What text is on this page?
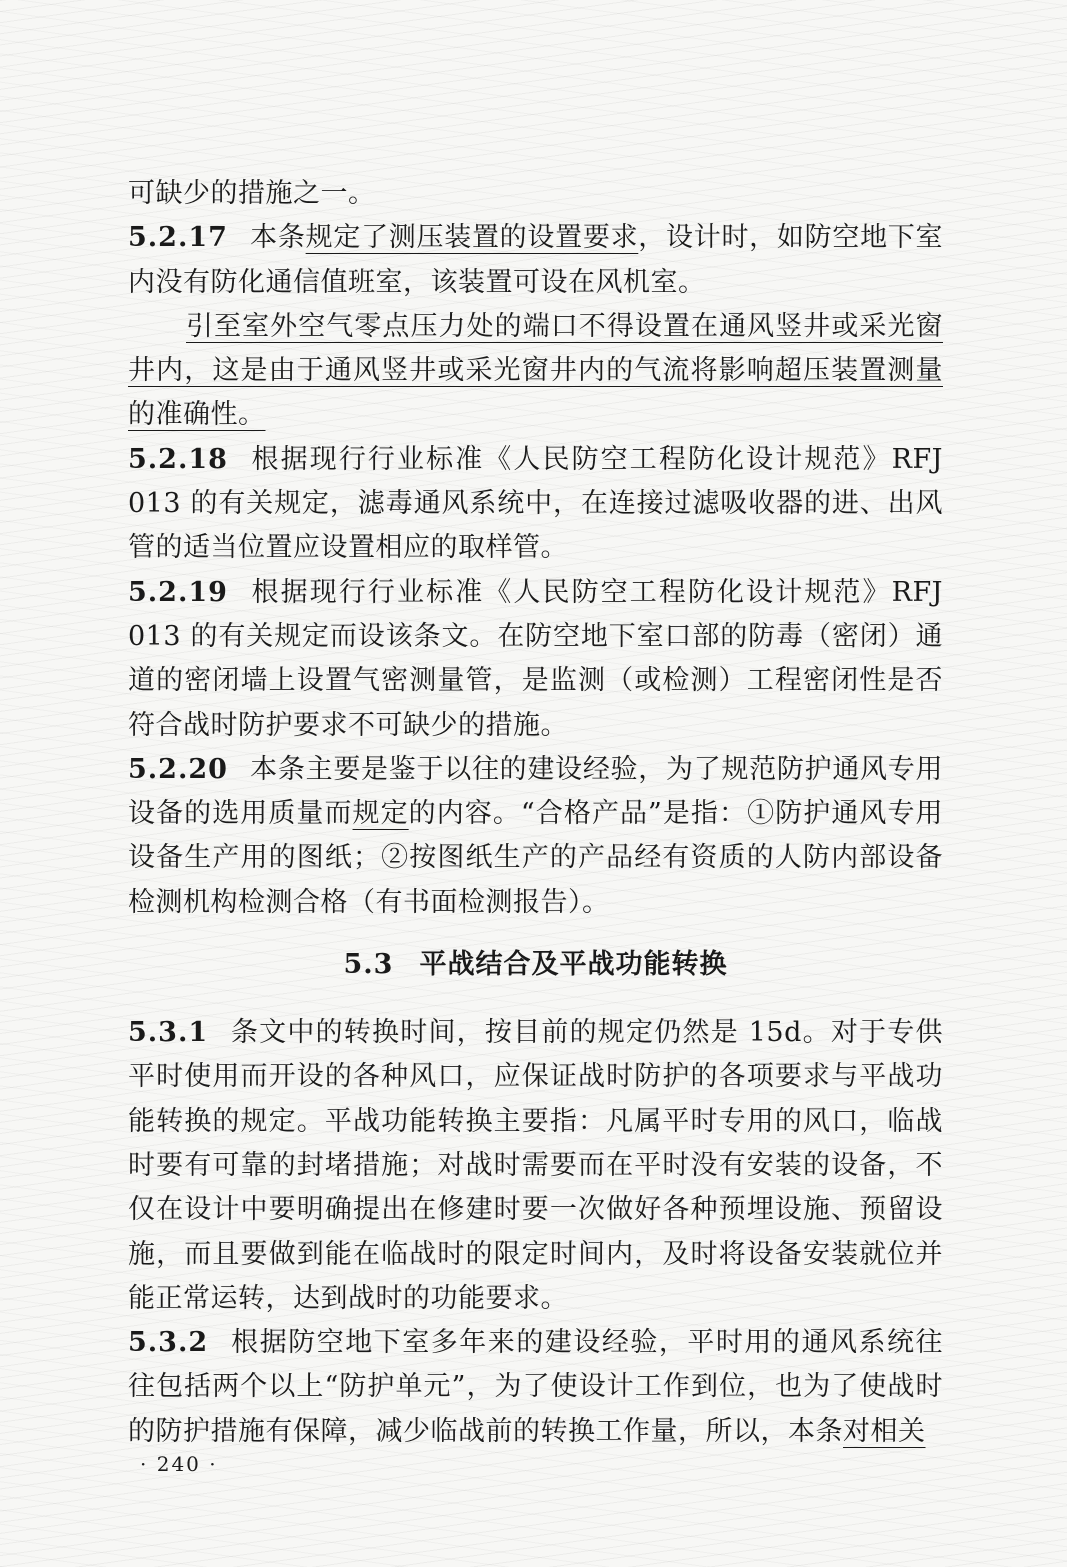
可缺少的措施之一。

5.2.17 本条规定了测压装置的设置要求，设计时，如防空地下室内没有防化通信值班室，该装置可设在风机室。

引至室外空气零点压力处的端口不得设置在通风竖井或采光窗井内，这是由于通风竖井或采光窗井内的气流将影响超压装置测量的准确性。

5.2.18 根据现行行业标准《人民防空工程防化设计规范》RFJ 013 的有关规定，滤毒通风系统中，在连接过滤吸收器的进、出风管的适当位置应设置相应的取样管。

5.2.19 根据现行行业标准《人民防空工程防化设计规范》RFJ 013 的有关规定而设该条文。在防空地下室口部的防毒（密闭）通道的密闭墙上设置气密测量管，是监测（或检测）工程密闭性是否符合战时防护要求不可缺少的措施。

5.2.20 本条主要是鉴于以往的建设经验，为了规范防护通风专用设备的选用质量而规定的内容。“合格产品”是指：①防护通风专用设备生产用的图纸；②按图纸生产的产品经有资质的人防内部设备检测机构检测合格（有书面检测报告）。

5.3 平战结合及平战功能转换

5.3.1 条文中的转换时间，按目前的规定仍然是 15d。对于专供平时使用而开设的各种风口，应保证战时防护的各项要求与平战功能转换的规定。平战功能转换主要指：凡属平时专用的风口，临战时要有可靠的封堵措施；对战时需要而在平时没有安装的设备，不仅在设计中要明确提出在修建时要一次做好各种预埋设施、预留设施，而且要做到能在临战时的限定时间内，及时将设备安装就位并能正常运转，达到战时的功能要求。

5.3.2 根据防空地下室多年来的建设经验，平时用的通风系统往往包括两个以上“防护单元”，为了使设计工作到位，也为了使战时的防护措施有保障，减少临战前的转换工作量，所以，本条对相关

· 240 ·
